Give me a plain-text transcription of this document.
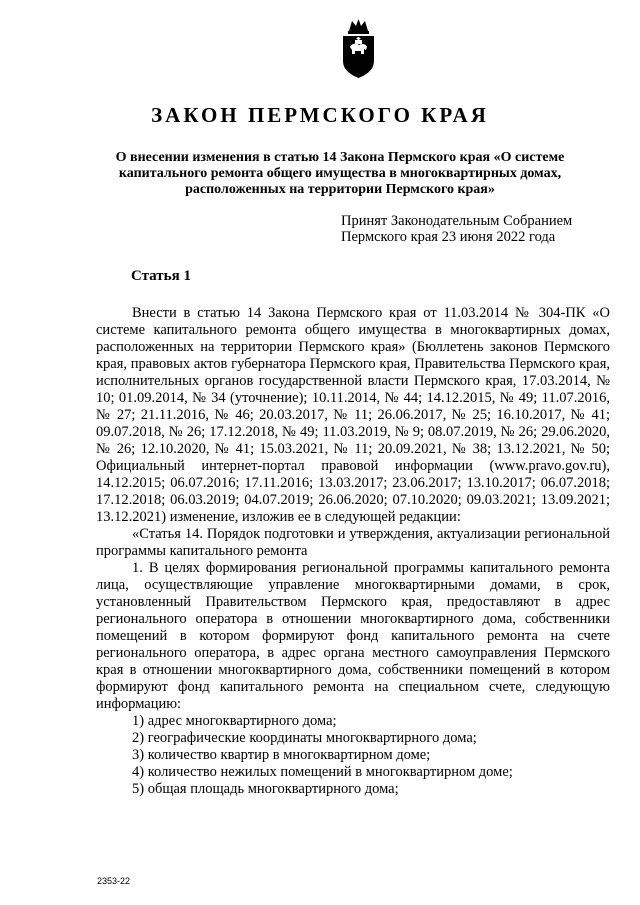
ЗАКОН ПЕРМСКОГО КРАЯ
О внесении изменения в статью 14 Закона Пермского края «О системе капитального ремонта общего имущества в многоквартирных домах, расположенных на территории Пермского края»
Принят Законодательным Собранием
Пермского края 23 июня 2022 года
Статья 1

Внести в статью 14 Закона Пермского края от 11.03.2014 № 304-ПК «О системе капитального ремонта общего имущества в многоквартирных домах, расположенных на территории Пермского края» (Бюллетень законов Пермского края, правовых актов губернатора Пермского края, Правительства Пермского края, исполнительных органов государственной власти Пермского края, 17.03.2014, № 10; 01.09.2014, № 34 (уточнение); 10.11.2014, № 44; 14.12.2015, № 49; 11.07.2016, № 27; 21.11.2016, № 46; 20.03.2017, № 11; 26.06.2017, № 25; 16.10.2017, № 41; 09.07.2018, № 26; 17.12.2018, № 49; 11.03.2019, № 9; 08.07.2019, № 26; 29.06.2020, № 26; 12.10.2020, № 41; 15.03.2021, № 11; 20.09.2021, № 38; 13.12.2021, № 50; Официальный интернет-портал правовой информации (www.pravo.gov.ru), 14.12.2015; 06.07.2016; 17.11.2016; 13.03.2017; 23.06.2017; 13.10.2017; 06.07.2018; 17.12.2018; 06.03.2019; 04.07.2019; 26.06.2020; 07.10.2020; 09.03.2021; 13.09.2021; 13.12.2021) изменение, изложив ее в следующей редакции:

«Статья 14. Порядок подготовки и утверждения, актуализации региональной программы капитального ремонта

1. В целях формирования региональной программы капитального ремонта лица, осуществляющие управление многоквартирными домами, в срок, установленный Правительством Пермского края, предоставляют в адрес регионального оператора в отношении многоквартирного дома, собственники помещений в котором формируют фонд капитального ремонта на счете регионального оператора, в адрес органа местного самоуправления Пермского края в отношении многоквартирного дома, собственники помещений в котором формируют фонд капитального ремонта на специальном счете, следующую информацию:

1) адрес многоквартирного дома;

2) географические координаты многоквартирного дома;

3) количество квартир в многоквартирном доме;

4) количество нежилых помещений в многоквартирном доме;

5) общая площадь многоквартирного дома;

2353-22
